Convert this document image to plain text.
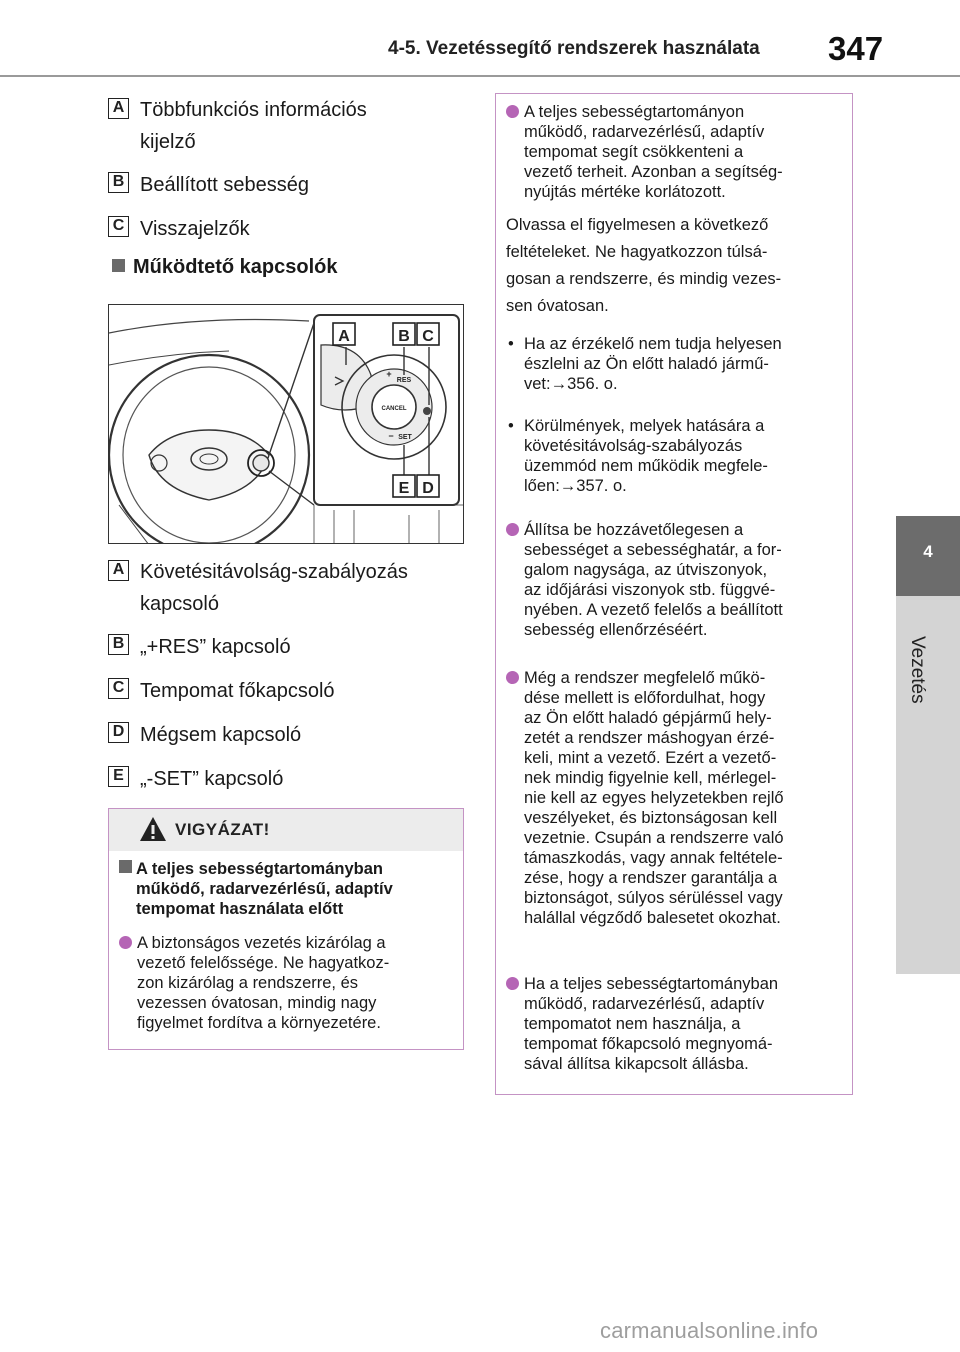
4-5. Vezetéssegítő rendszerek használata 347
4
Vezetés
A Többfunkciós információs
kijelző
B Beállított sebesség
C Visszajelzők
Működtető kapcsolók
A	B C
E D
+
RES
CANCEL
− SET
A Követésitávolság-szabályozás
kapcsoló
B „+RES” kapcsoló
C Tempomat főkapcsoló
D Mégsem kapcsoló
E „-SET” kapcsoló
VIGYÁZAT!
A teljes sebességtartományban
működő, radarvezérlésű, adaptív
tempomat használata előtt
A biztonságos vezetés kizárólag a
vezető felelőssége. Ne hagyatkoz-
zon kizárólag a rendszerre, és
vezessen óvatosan, mindig nagy
figyelmet fordítva a környezetére.
A teljes sebességtartományon
működő, radarvezérlésű, adaptív
tempomat segít csökkenteni a
vezető terheit. Azonban a segítség-
nyújtás mértéke korlátozott.
Olvassa el figyelmesen a következő
feltételeket. Ne hagyatkozzon túlsá-
gosan a rendszerre, és mindig vezes-
sen óvatosan.
• Ha az érzékelő nem tudja helyesen
észlelni az Ön előtt haladó jármű-
vet:→356. o.
• Körülmények, melyek hatására a
követésitávolság-szabályozás
üzemmód nem működik megfele-
lően:→357. o.
Állítsa be hozzávetőlegesen a
sebességet a sebességhatár, a for-
galom nagysága, az útviszonyok,
az időjárási viszonyok stb. függvé-
nyében. A vezető felelős a beállított
sebesség ellenőrzéséért.
Még a rendszer megfelelő műkö-
dése mellett is előfordulhat, hogy
az Ön előtt haladó gépjármű hely-
zetét a rendszer máshogyan érzé-
keli, mint a vezető. Ezért a vezető-
nek mindig figyelnie kell, mérlegel-
nie kell az egyes helyzetekben rejlő
veszélyeket, és biztonságosan kell
vezetnie. Csupán a rendszerre való
támaszkodás, vagy annak feltétele-
zése, hogy a rendszer garantálja a
biztonságot, súlyos sérüléssel vagy
halállal végződő balesetet okozhat.
Ha a teljes sebességtartományban
működő, radarvezérlésű, adaptív
tempomatot nem használja, a
tempomat főkapcsoló megnyomá-
sával állítsa kikapcsolt állásba.
carmanualsonline.info
